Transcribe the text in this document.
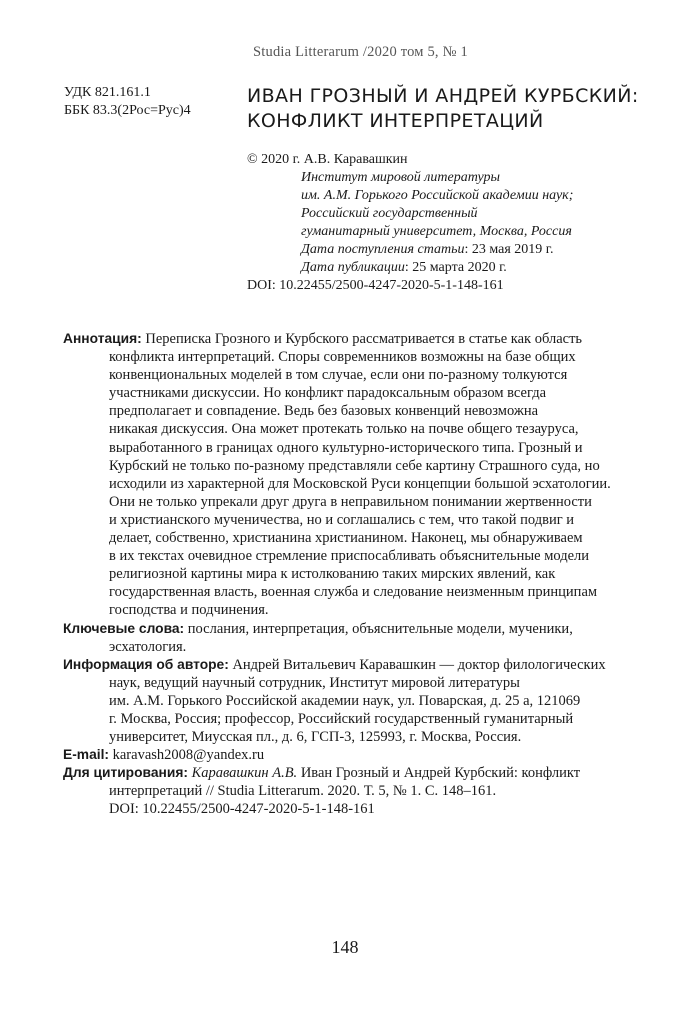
Studia Litterarum /2020 том 5, № 1
УДК 821.161.1
ББК 83.3(2Рос=Рус)4
ИВАН ГРОЗНЫЙ И АНДРЕЙ КУРБСКИЙ:
КОНФЛИКТ ИНТЕРПРЕТАЦИЙ
© 2020 г. А.В. Каравашкин
Институт мировой литературы
им. А.М. Горького Российской академии наук;
Российский государственный
гуманитарный университет, Москва, Россия
Дата поступления статьи: 23 мая 2019 г.
Дата публикации: 25 марта 2020 г.
DOI: 10.22455/2500-4247-2020-5-1-148-161

Аннотация: Переписка Грозного и Курбского рассматривается в статье как область
конфликта интерпретаций. Споры современников возможны на базе общих
конвенциональных моделей в том случае, если они по-разному толкуются
участниками дискуссии. Но конфликт парадоксальным образом всегда
предполагает и совпадение. Ведь без базовых конвенций невозможна
никакая дискуссия. Она может протекать только на почве общего тезауруса,
выработанного в границах одного культурно-исторического типа. Грозный и
Курбский не только по-разному представляли себе картину Страшного суда, но
исходили из характерной для Московской Руси концепции большой эсхатологии.
Они не только упрекали друг друга в неправильном понимании жертвенности
и христианского мученичества, но и соглашались с тем, что такой подвиг и
делает, собственно, христианина христианином. Наконец, мы обнаруживаем
в их текстах очевидное стремление приспосабливать объяснительные модели
религиозной картины мира к истолкованию таких мирских явлений, как
государственная власть, военная служба и следование неизменным принципам
господства и подчинения.

Ключевые слова: послания, интерпретация, объяснительные модели, мученики,
эсхатология.

Информация об авторе: Андрей Витальевич Каравашкин — доктор филологических
наук, ведущий научный сотрудник, Институт мировой литературы
им. А.М. Горького Российской академии наук, ул. Поварская, д. 25 а, 121069
г. Москва, Россия; профессор, Российский государственный гуманитарный
университет, Миусская пл., д. 6, ГСП-3, 125993, г. Москва, Россия.

E-mail: karavash2008@yandex.ru

Для цитирования: Каравашкин А.В. Иван Грозный и Андрей Курбский: конфликт
интерпретаций // Studia Litterarum. 2020. Т. 5, № 1. С. 148–161.
DOI: 10.22455/2500-4247-2020-5-1-148-161

148
